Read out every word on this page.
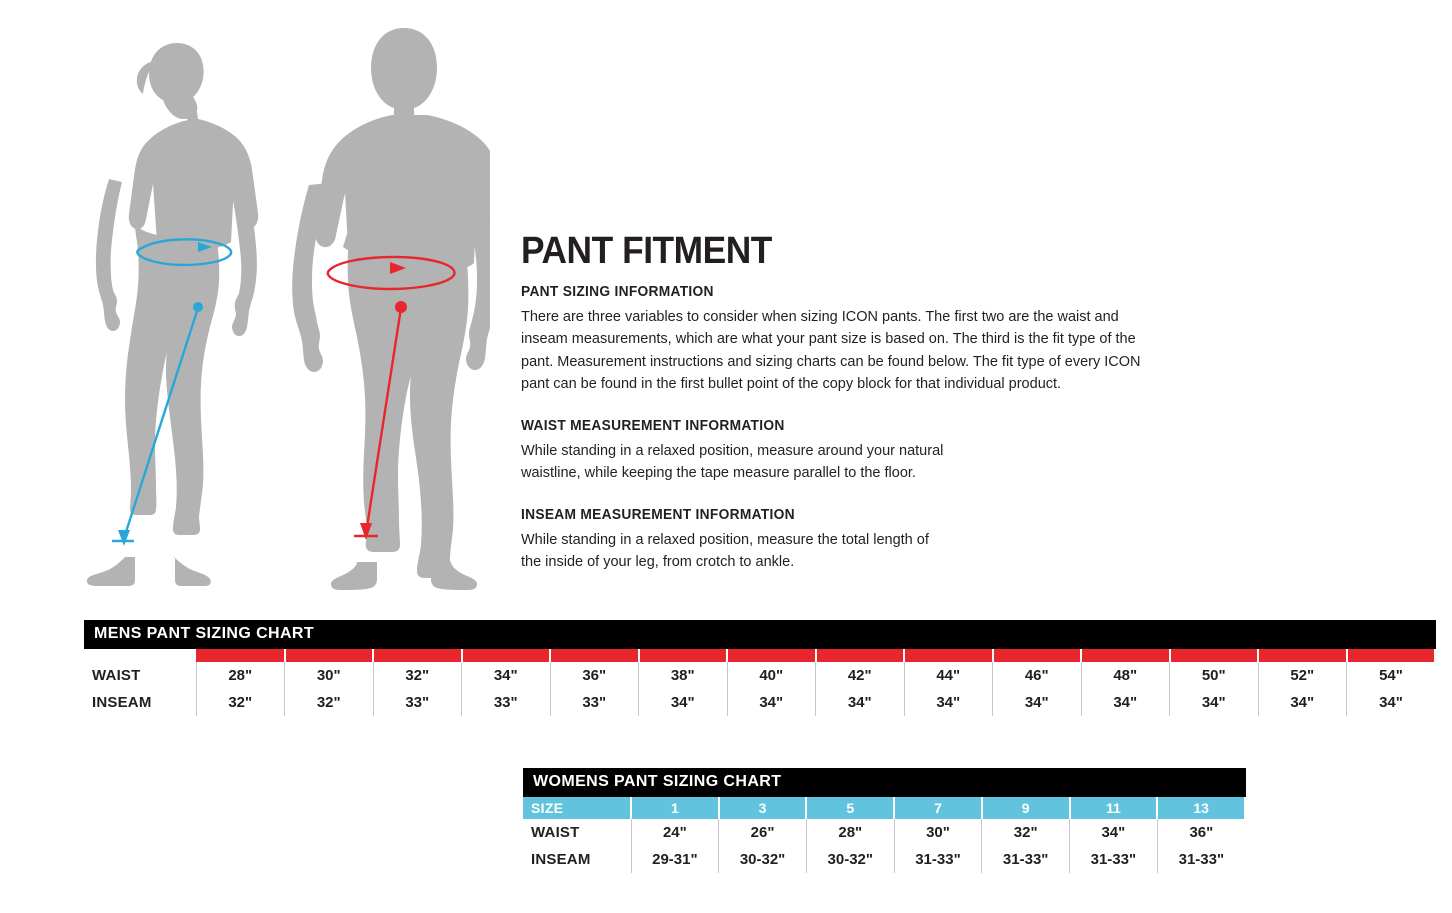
PANT FITMENT
PANT SIZING INFORMATION

There are three variables to consider when sizing ICON pants. The first two are the waist and inseam measurements, which are what your pant size is based on. The third is the fit type of the pant. Measurement instructions and sizing charts can be found below. The fit type of every ICON pant can be found in the first bullet point of the copy block for that individual product.

WAIST MEASUREMENT INFORMATION

While standing in a relaxed position, measure around your natural waistline, while keeping the tape measure parallel to the floor.

INSEAM MEASUREMENT INFORMATION

While standing in a relaxed position, measure the total length of the inside of your leg, from crotch to ankle.

MENS PANT SIZING CHART

WAIST	28"	30"	32"	34"	36"	38"	40"	42"	44"	46"	48"	50"	52"	54"
INSEAM	32"	32"	33"	33"	33"	34"	34"	34"	34"	34"	34"	34"	34"	34"
WOMENS PANT SIZING CHART
SIZE	1	3	5	7	9	11	13
WAIST	24"	26"	28"	30"	32"	34"	36"
INSEAM	29-31"	30-32"	30-32"	31-33"	31-33"	31-33"	31-33"
